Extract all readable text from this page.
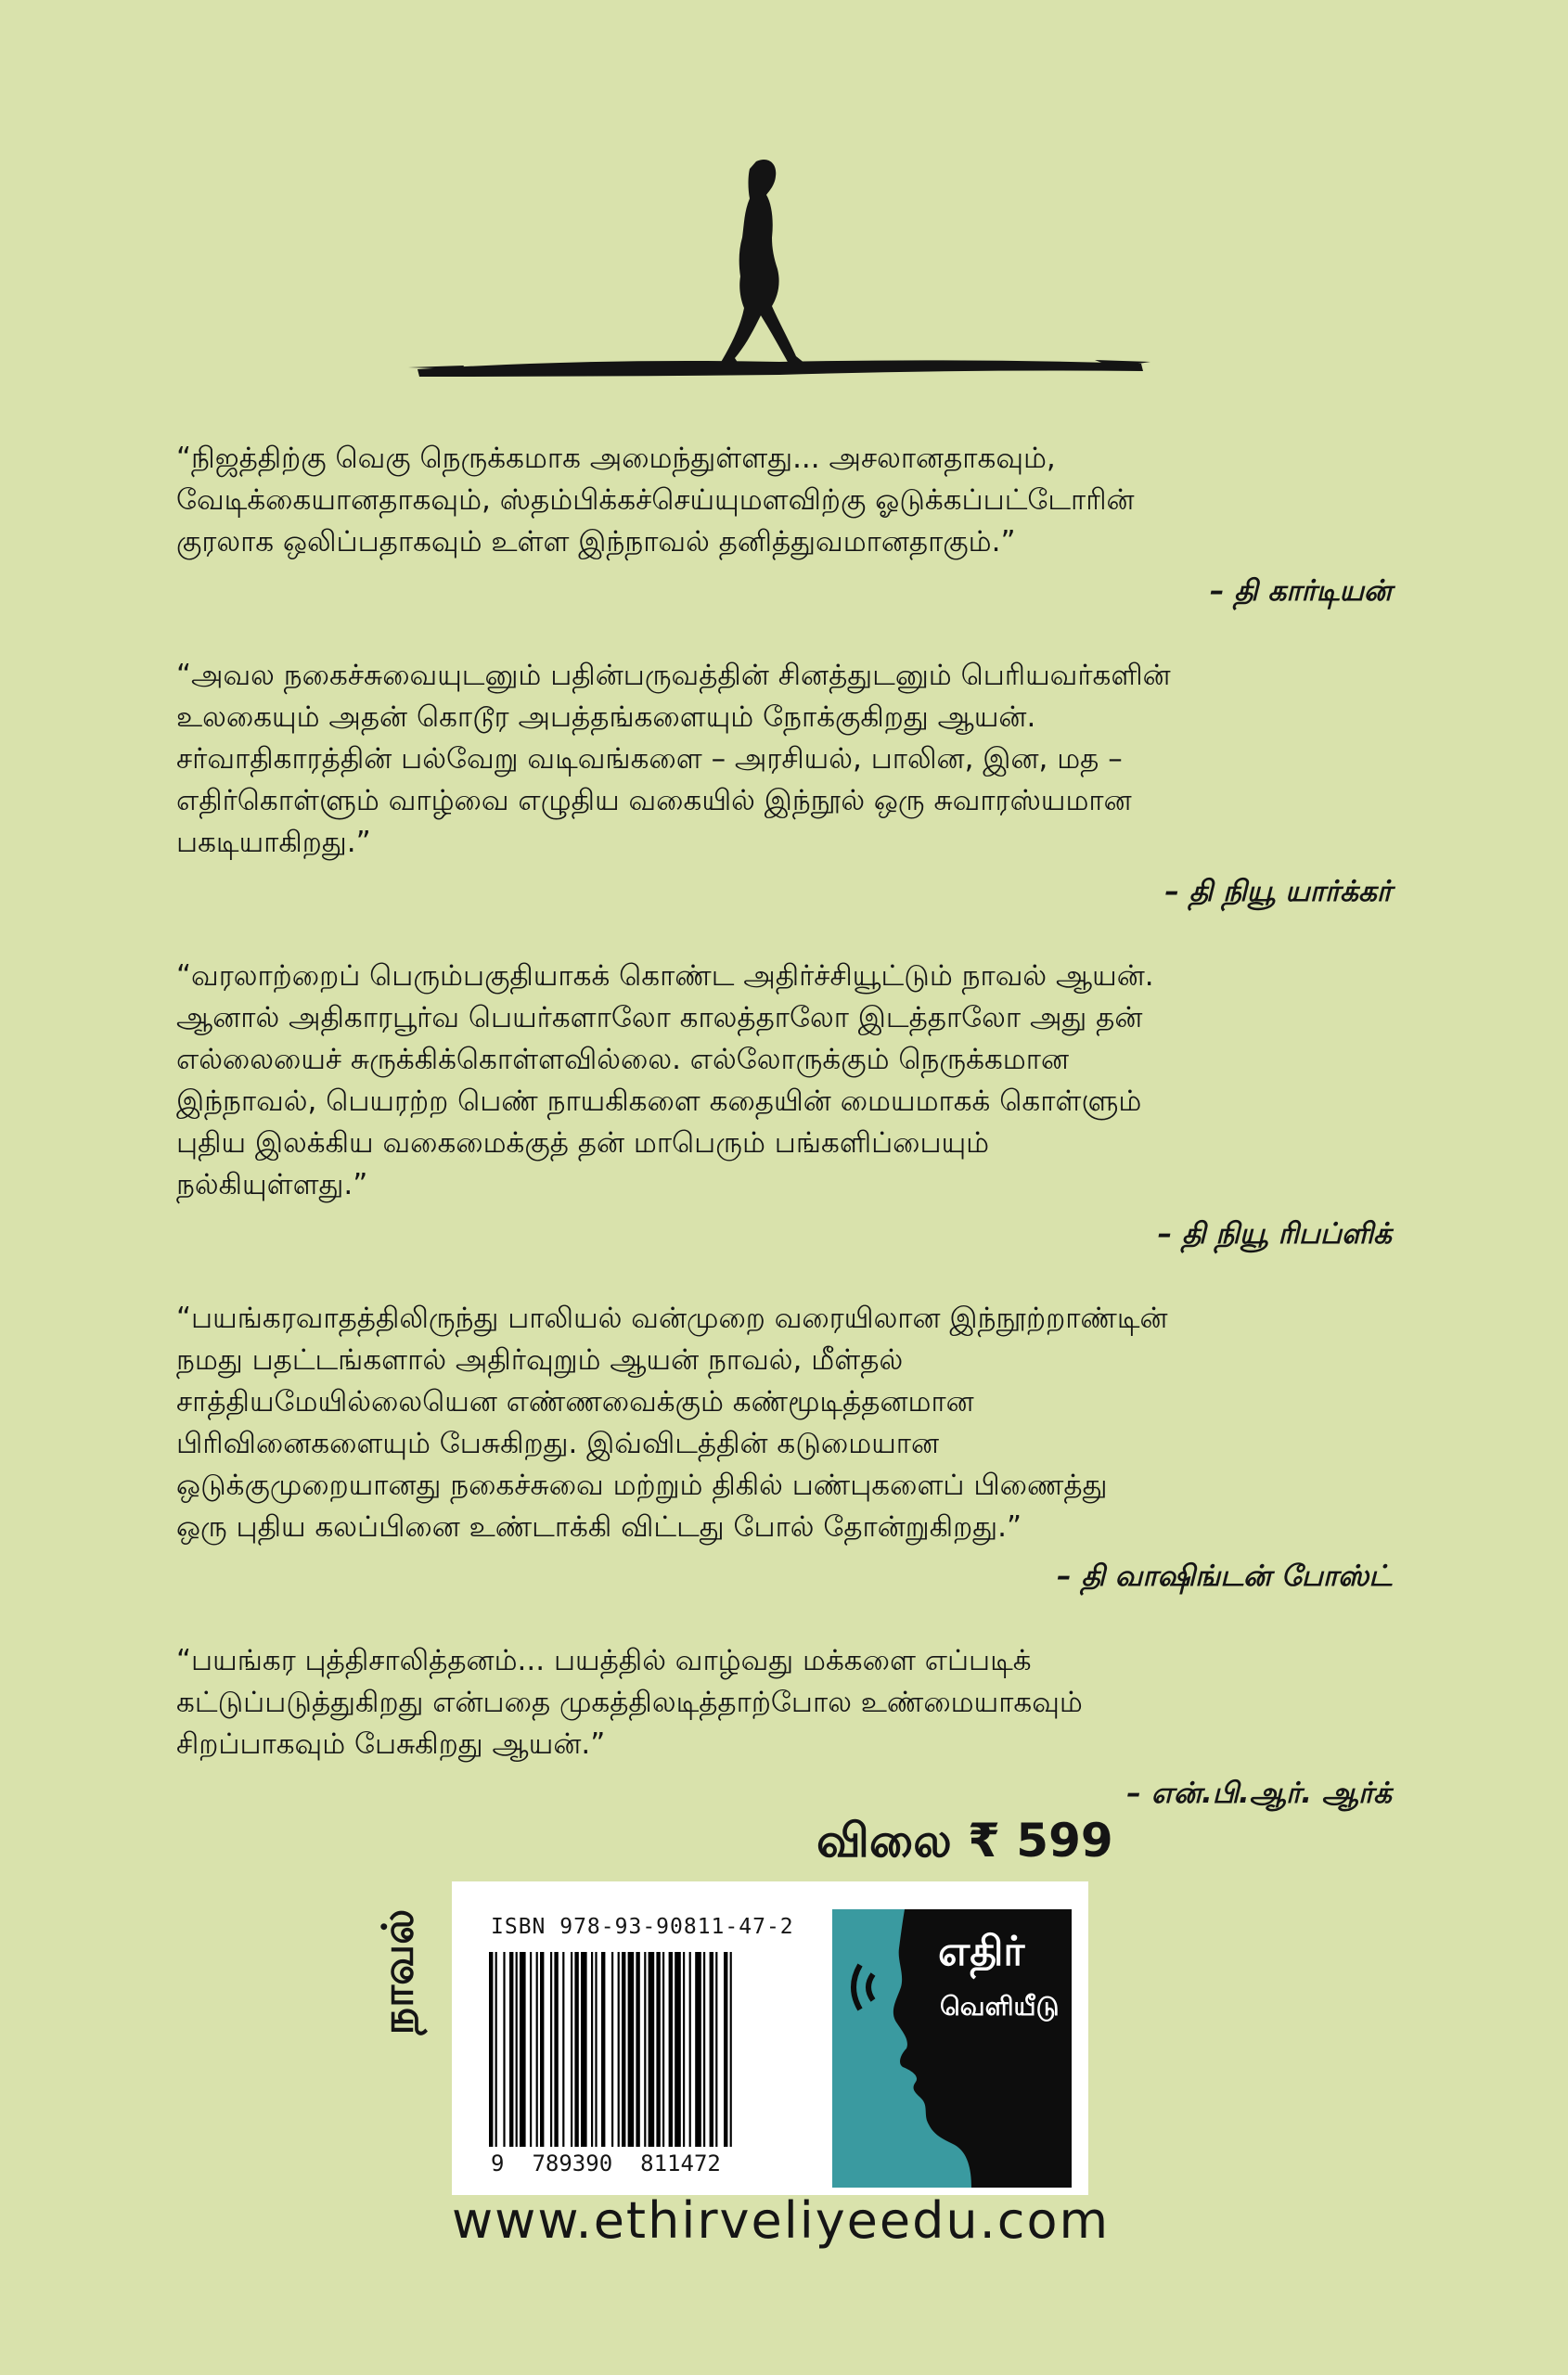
“நிஜத்திற்கு வெகு நெருக்கமாக அமைந்துள்ளது... அசலானதாகவும்,
வேடிக்கையானதாகவும், ஸ்தம்பிக்கச்செய்யுமளவிற்கு ஓடுக்கப்பட்டோரின்
குரலாக ஒலிப்பதாகவும் உள்ள இந்நாவல் தனித்துவமானதாகும்.”

– தி கார்டியன்

“அவல நகைச்சுவையுடனும் பதின்பருவத்தின் சினத்துடனும் பெரியவர்களின்
உலகையும் அதன் கொடூர அபத்தங்களையும் நோக்குகிறது ஆயன்.
சர்வாதிகாரத்தின் பல்வேறு வடிவங்களை – அரசியல், பாலின, இன, மத –
எதிர்கொள்ளும் வாழ்வை எழுதிய வகையில் இந்நூல் ஒரு சுவாரஸ்யமான
பகடியாகிறது.”

– தி நியூ யார்க்கர்

“வரலாற்றைப் பெரும்பகுதியாகக் கொண்ட அதிர்ச்சியூட்டும் நாவல் ஆயன்.
ஆனால் அதிகாரபூர்வ பெயர்களாலோ காலத்தாலோ இடத்தாலோ அது தன்
எல்லையைச் சுருக்கிக்கொள்ளவில்லை. எல்லோருக்கும் நெருக்கமான
இந்நாவல், பெயரற்ற பெண் நாயகிகளை கதையின் மையமாகக் கொள்ளும்
புதிய இலக்கிய வகைமைக்குத் தன் மாபெரும் பங்களிப்பையும்
நல்கியுள்ளது.”

– தி நியூ ரிபப்ளிக்

“பயங்கரவாதத்திலிருந்து பாலியல் வன்முறை வரையிலான இந்நூற்றாண்டின்
நமது பதட்டங்களால் அதிர்வுறும் ஆயன் நாவல், மீள்தல்
சாத்தியமேயில்லையென எண்ணவைக்கும் கண்மூடித்தனமான
பிரிவினைகளையும் பேசுகிறது. இவ்விடத்தின் கடுமையான
ஒடுக்குமுறையானது நகைச்சுவை மற்றும் திகில் பண்புகளைப் பிணைத்து
ஒரு புதிய கலப்பினை உண்டாக்கி விட்டது போல் தோன்றுகிறது.”

– தி வாஷிங்டன் போஸ்ட்

“பயங்கர புத்திசாலித்தனம்... பயத்தில் வாழ்வது மக்களை எப்படிக்
கட்டுப்படுத்துகிறது என்பதை முகத்திலடித்தாற்போல உண்மையாகவும்
சிறப்பாகவும் பேசுகிறது ஆயன்.”

– என்.பி.ஆர். ஆர்க்
விலை ₹ 599
நாவல்	ISBN 978-93-90811-47-2
9 789390 811472
எதிர்
வெளியீடு
www.ethirveliyeedu.com
